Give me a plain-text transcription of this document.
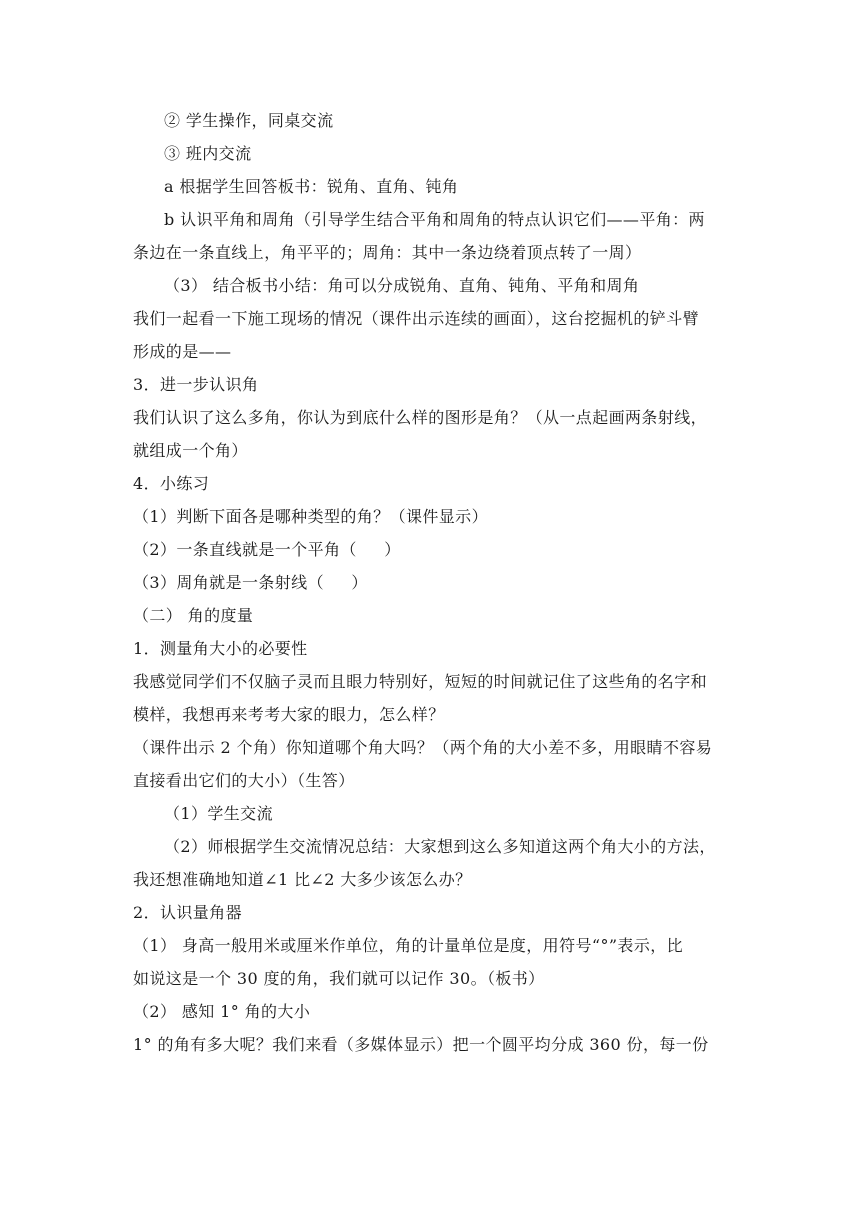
② 学生操作，同桌交流
③ 班内交流
a 根据学生回答板书：锐角、直角、钝角
b 认识平角和周角（引导学生结合平角和周角的特点认识它们——平角：两
条边在一条直线上，角平平的；周角：其中一条边绕着顶点转了一周）
（3） 结合板书小结：角可以分成锐角、直角、钝角、平角和周角
我们一起看一下施工现场的情况（课件出示连续的画面），这台挖掘机的铲斗臂
形成的是——
3．进一步认识角
我们认识了这么多角，你认为到底什么样的图形是角？（从一点起画两条射线，
就组成一个角）
4．小练习
（1）判断下面各是哪种类型的角？（课件显示）
（2）一条直线就是一个平角（     ）
（3）周角就是一条射线（     ）
（二） 角的度量
1．测量角大小的必要性
我感觉同学们不仅脑子灵而且眼力特别好，短短的时间就记住了这些角的名字和
模样，我想再来考考大家的眼力，怎么样？
（课件出示 2 个角）你知道哪个角大吗？（两个角的大小差不多，用眼睛不容易
直接看出它们的大小）（生答）
（1）学生交流
（2）师根据学生交流情况总结：大家想到这么多知道这两个角大小的方法，
我还想准确地知道∠1 比∠2 大多少该怎么办？
2．认识量角器
（1） 身高一般用米或厘米作单位，角的计量单位是度，用符号“°”表示，比
如说这是一个 30 度的角，我们就可以记作 30。（板书）
（2） 感知 1° 角的大小
1° 的角有多大呢？我们来看（多媒体显示）把一个圆平均分成 360 份，每一份
